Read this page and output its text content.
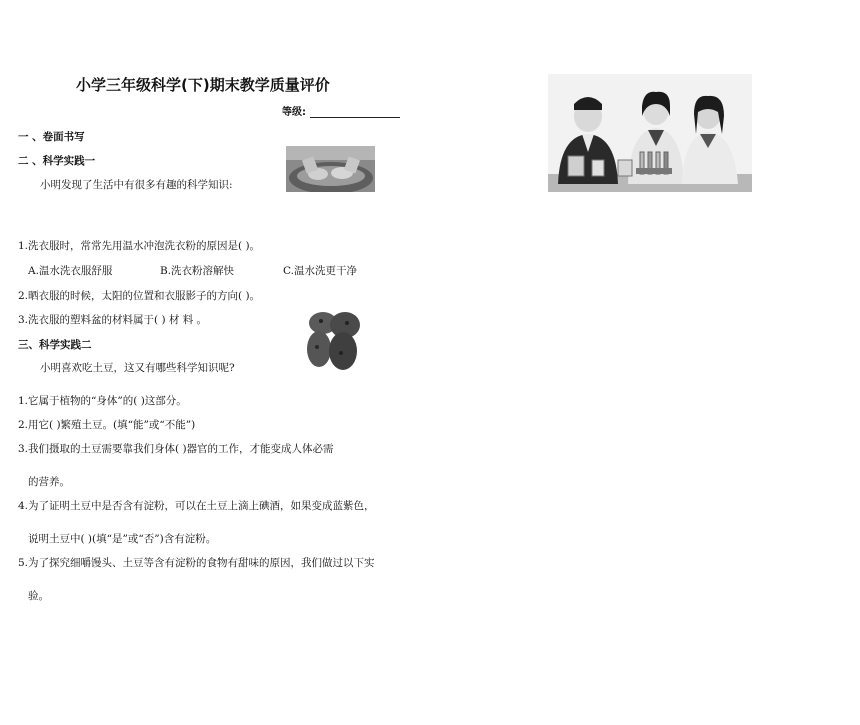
小学三年级科学(下)期末教学质量评价
等级:
一 、卷面书写
二 、科学实践一
小明发现了生活中有很多有趣的科学知识:
1.洗衣服时，常常先用温水冲泡洗衣粉的原因是( )。
A.温水洗衣服舒服	B.洗衣粉溶解快	C.温水洗更干净
2.晒衣服的时候，太阳的位置和衣服影子的方向( )。
3.洗衣服的塑料盆的材料属于( ) 材 料 。
三、科学实践二
小明喜欢吃土豆，这又有哪些科学知识呢?
1.它属于植物的“身体”的( )这部分。
2.用它( )繁殖土豆。(填“能”或“不能”)
3.我们摄取的土豆需要靠我们身体( )器官的工作，才能变成人体必需
的营养。
4.为了证明土豆中是否含有淀粉，可以在土豆上滴上碘酒，如果变成蓝紫色，
说明土豆中( )(填“是”或“否”)含有淀粉。
5.为了探究细嚼馒头、土豆等含有淀粉的食物有甜味的原因，我们做过以下实
验。
